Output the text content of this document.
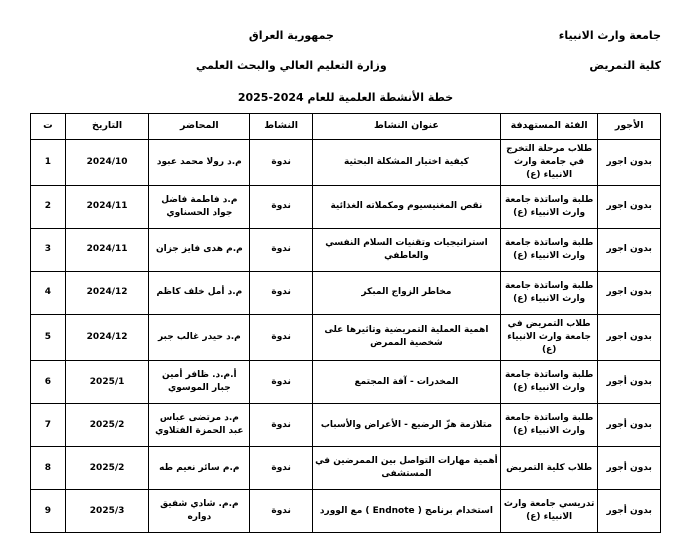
جامعة وارث الانبياء
كلية التمريض
جمهورية العراق
وزارة التعليم العالي والبحث العلمي
خطة الأنشطة العلمية للعام 2024-2025
الأجور	الفئة المستهدفة	عنوان النشاط	النشاط	المحاضر	التاريخ	ت
بدون اجور	طلاب مرحلة التخرج في جامعة وارث الانبياء (ع)	كيفية اختيار المشكلة البحثية	ندوة	م.د رولا محمد عبود	2024/10	1
بدون اجور	طلبة واساتذة جامعة وارث الانبياء (ع)	نقص المغنيسيوم ومكملاته الغذائية	ندوة	م.د فاطمة فاضل جواد الحسناوي	2024/11	2
بدون اجور	طلبة واساتذة جامعة وارث الانبياء (ع)	استراتيجيات وتقنيات السلام النفسي والعاطفي	ندوة	م.م هدى فايز جزان	2024/11	3
بدون اجور	طلبة واساتذة جامعة وارث الانبياء (ع)	مخاطر الزواج المبكر	ندوة	م.د أمل خلف كاظم	2024/12	4
بدون اجور	طلاب التمريض في جامعة وارث الانبياء (ع)	اهمية العملية التمريضية وتاثيرها على شخصية الممرض	ندوة	م.د حيدر غالب جبر	2024/12	5
بدون أجور	طلبة واساتذة جامعة وارث الانبياء (ع)	المخدرات - آفة المجتمع	ندوة	أ.م.د. ظافر أمين جبار الموسوي	2025/1	6
بدون أجور	طلبة واساتذة جامعة وارث الانبياء (ع)	متلازمة هزّ الرضيع - الأعراض والأسباب	ندوة	م.د مرتضى عباس عبد الحمزة الفتلاوي	2025/2	7
بدون أجور	طلاب كلية التمريض	أهمية مهارات التواصل بين الممرضين في المستشفى	ندوة	م.م سائر نعيم طه	2025/2	8
بدون أجور	تدريسي جامعة وارث الانبياء (ع)	استخدام برنامج ( Endnote ) مع الوورد	ندوة	م.م. شادي شفيق دواره	2025/3	9
